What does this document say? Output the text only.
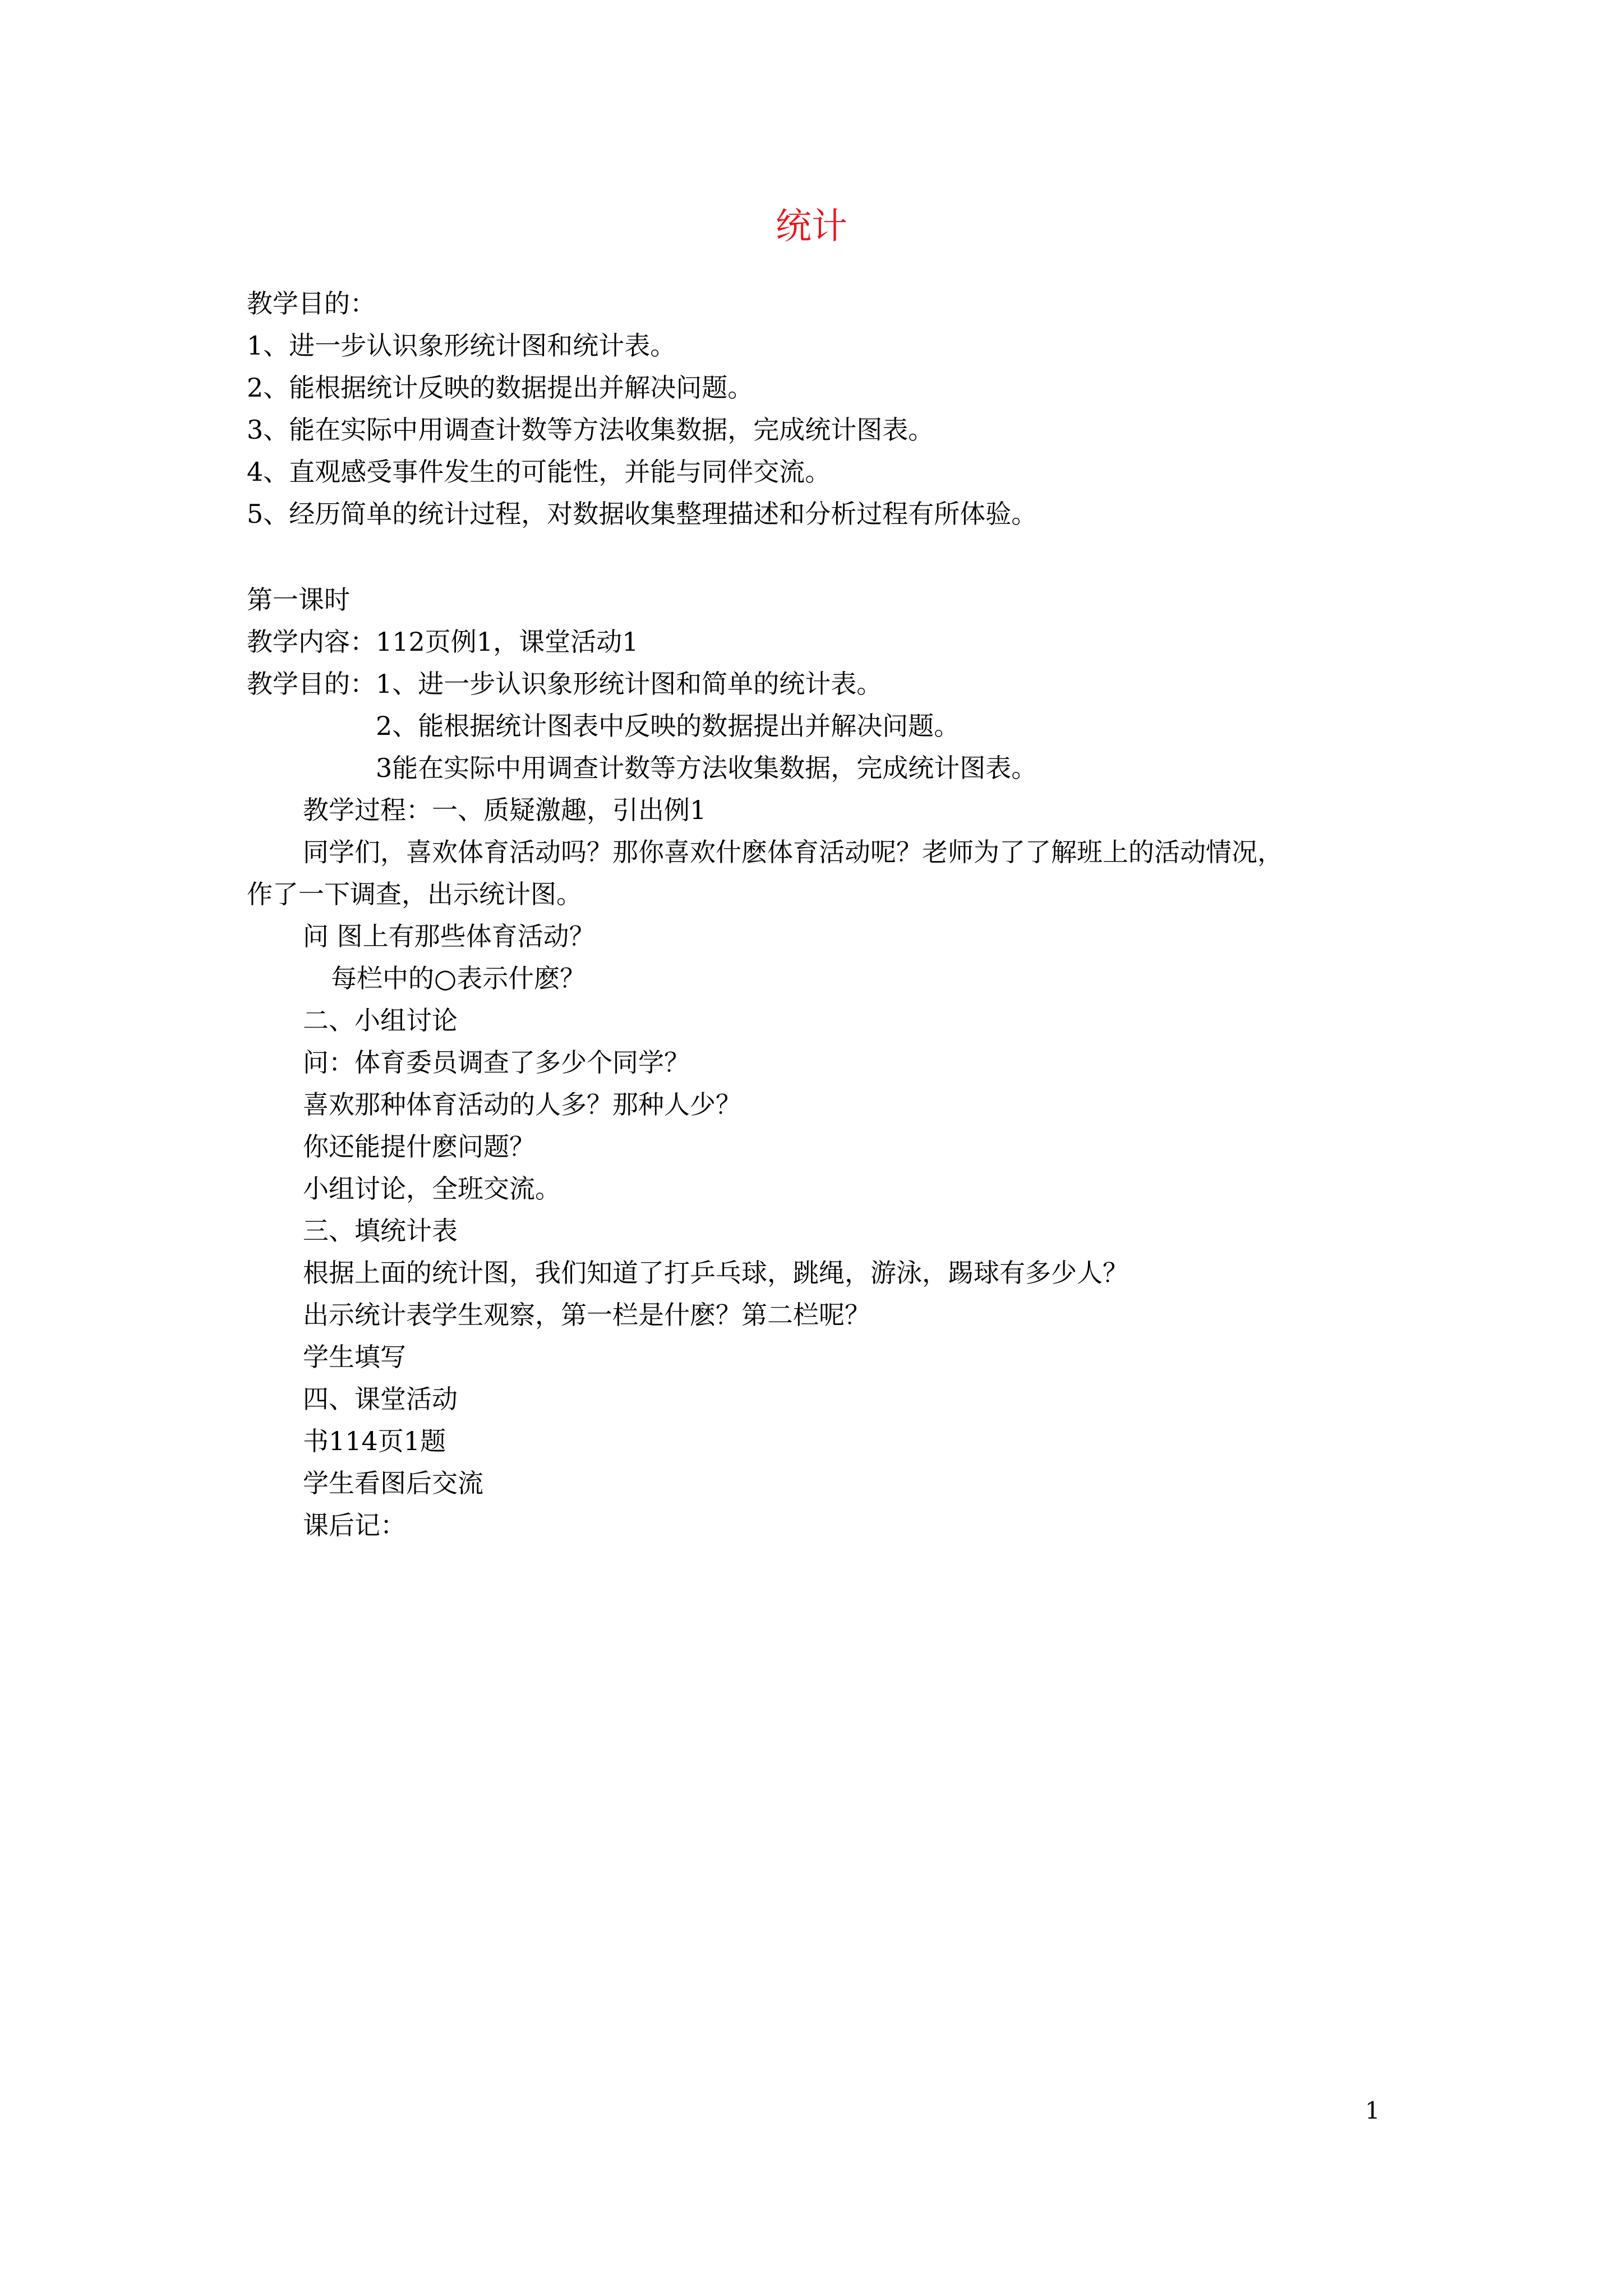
统计
教学目的：
1、进一步认识象形统计图和统计表。
2、能根据统计反映的数据提出并解决问题。
3、能在实际中用调查计数等方法收集数据，完成统计图表。
4、直观感受事件发生的可能性，并能与同伴交流。
5、经历简单的统计过程，对数据收集整理描述和分析过程有所体验。
第一课时
教学内容：112页例1，课堂活动1
教学目的：1、进一步认识象形统计图和简单的统计表。
2、能根据统计图表中反映的数据提出并解决问题。
3能在实际中用调查计数等方法收集数据，完成统计图表。
教学过程：一、质疑激趣，引出例1
同学们，喜欢体育活动吗？那你喜欢什麽体育活动呢？老师为了了解班上的活动情况，
作了一下调查，出示统计图。
问 图上有那些体育活动？
每栏中的○表示什麽？
二、小组讨论
问：体育委员调查了多少个同学？
喜欢那种体育活动的人多？那种人少？
你还能提什麽问题？
小组讨论，全班交流。
三、填统计表
根据上面的统计图，我们知道了打乒乓球，跳绳，游泳，踢球有多少人？
出示统计表学生观察，第一栏是什麽？第二栏呢？
学生填写
四、课堂活动
书114页1题
学生看图后交流
课后记：
1
